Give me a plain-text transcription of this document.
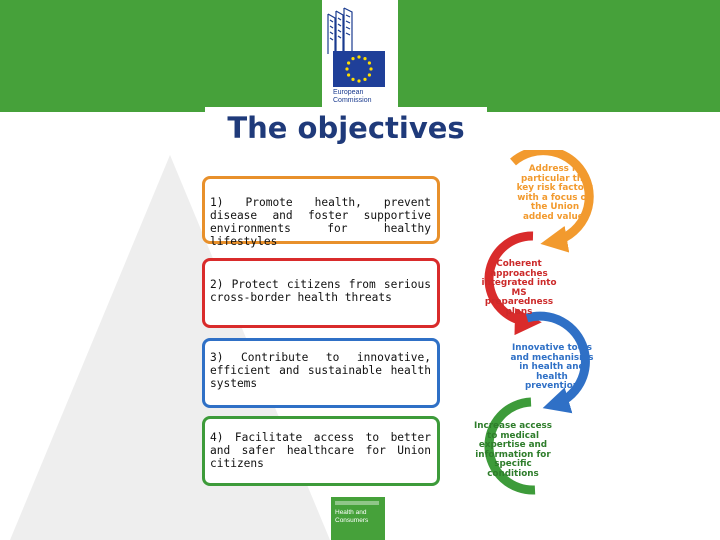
European
Commission
The objectives
1) Promote health, prevent disease and foster supportive environments for healthy lifestyles
2) Protect citizens from serious cross-border health threats
3) Contribute to innovative, efficient and sustainable health systems
4) Facilitate access to better and safer healthcare for Union citizens
Address in particular the key risk factors with a focus on the Union added value.
Coherent approaches integrated into MS preparedness plans
Innovative tools and mechanisms in health and health prevention
Increase access to medical expertise and information for specific conditions
Health and
Consumers
